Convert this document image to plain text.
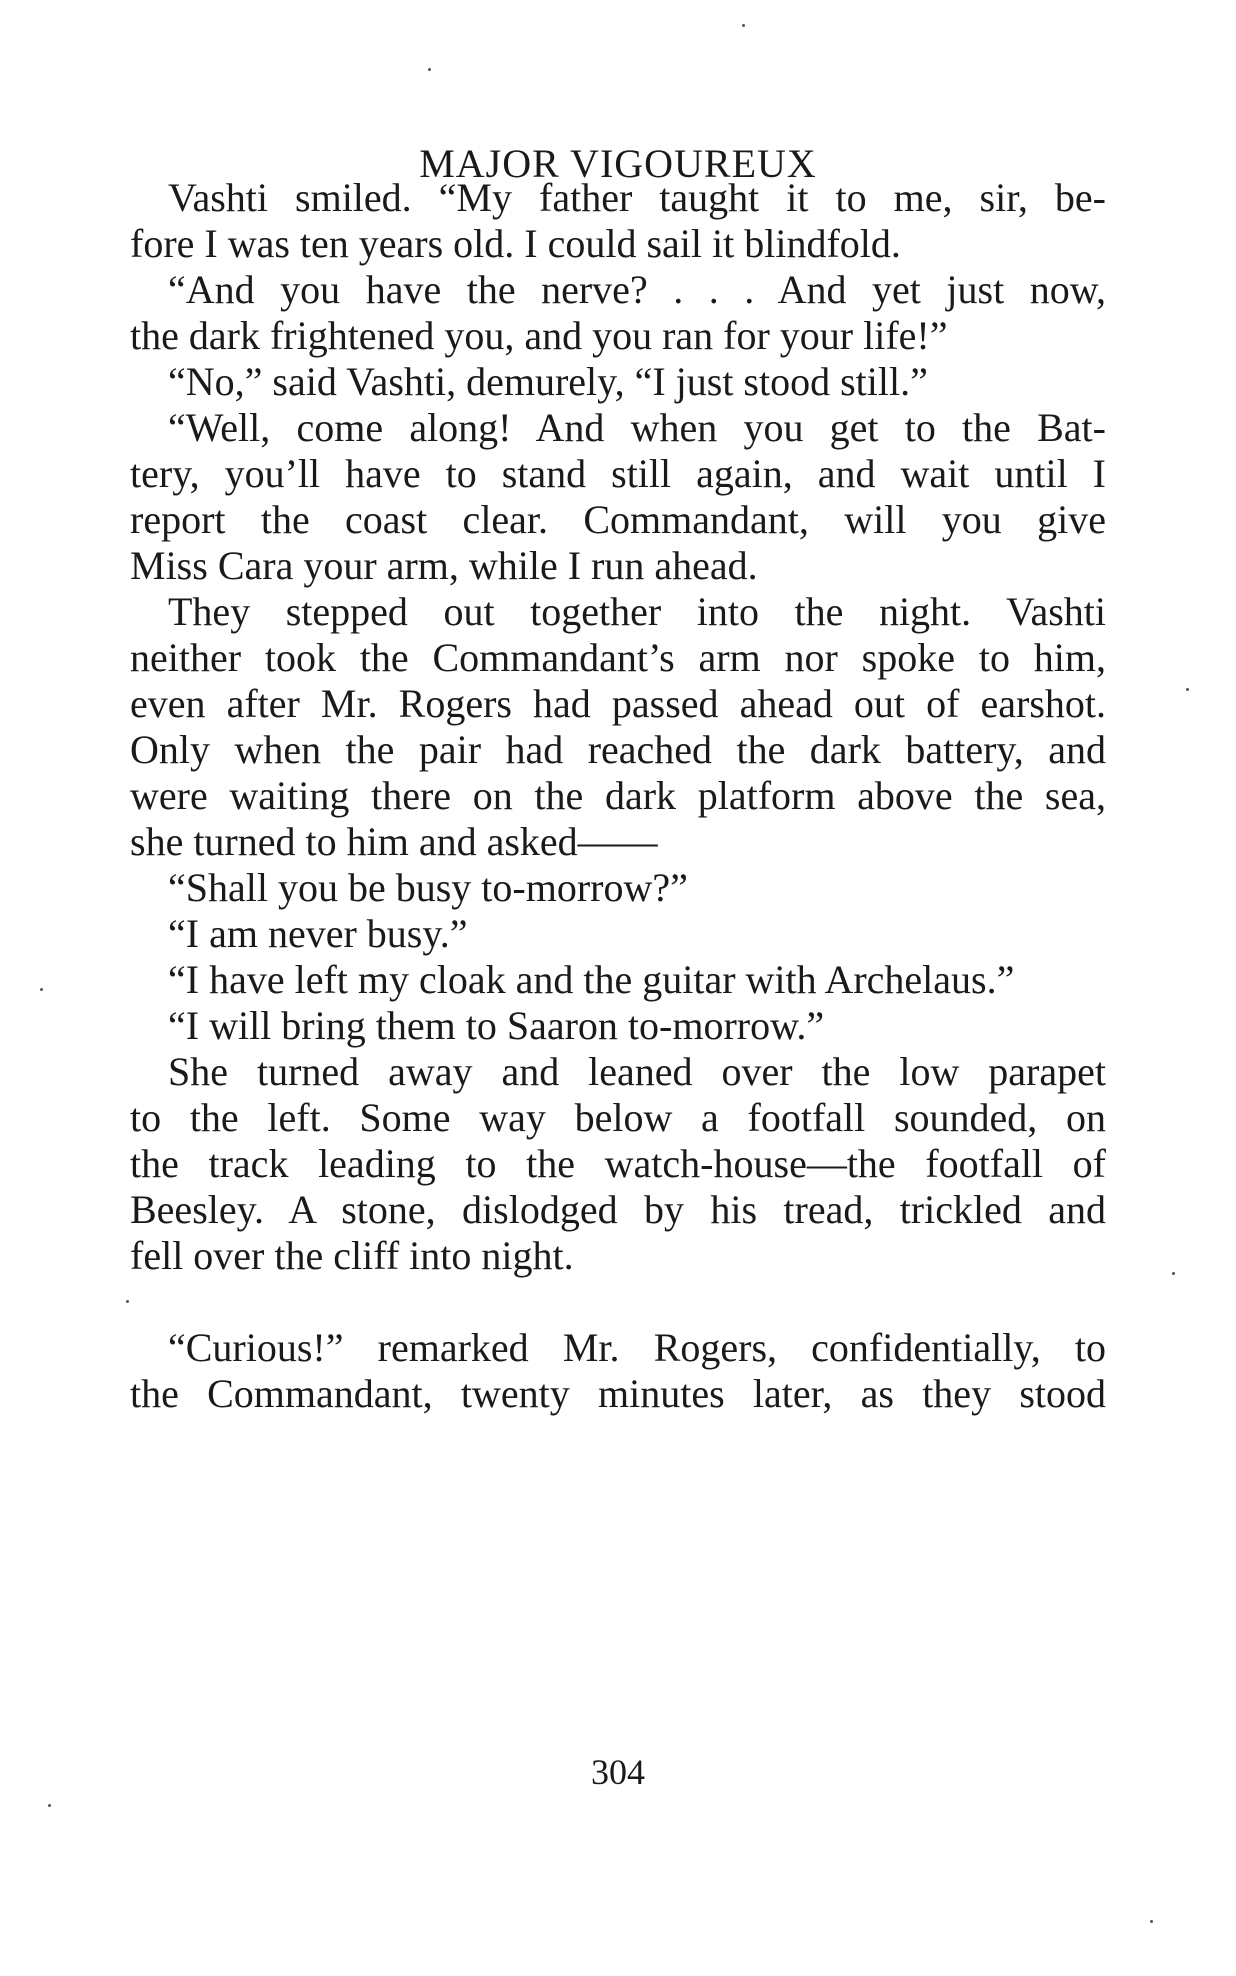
MAJOR VIGOUREUX
Vashti smiled. “My father taught it to me, sir, be-
fore I was ten years old. I could sail it blindfold.
“And you have the nerve? . . . And yet just now,
the dark frightened you, and you ran for your life!”
“No,” said Vashti, demurely, “I just stood still.”
“Well, come along! And when you get to the Bat-
tery, you’ll have to stand still again, and wait until I
report the coast clear. Commandant, will you give
Miss Cara your arm, while I run ahead.
They stepped out together into the night. Vashti
neither took the Commandant’s arm nor spoke to him,
even after Mr. Rogers had passed ahead out of earshot.
Only when the pair had reached the dark battery, and
were waiting there on the dark platform above the sea,
she turned to him and asked——
“Shall you be busy to-morrow?”
“I am never busy.”
“I have left my cloak and the guitar with Archelaus.”
“I will bring them to Saaron to-morrow.”
She turned away and leaned over the low parapet
to the left. Some way below a footfall sounded, on
the track leading to the watch-house—the footfall of
Beesley. A stone, dislodged by his tread, trickled and
fell over the cliff into night.
“Curious!” remarked Mr. Rogers, confidentially, to
the Commandant, twenty minutes later, as they stood
304
